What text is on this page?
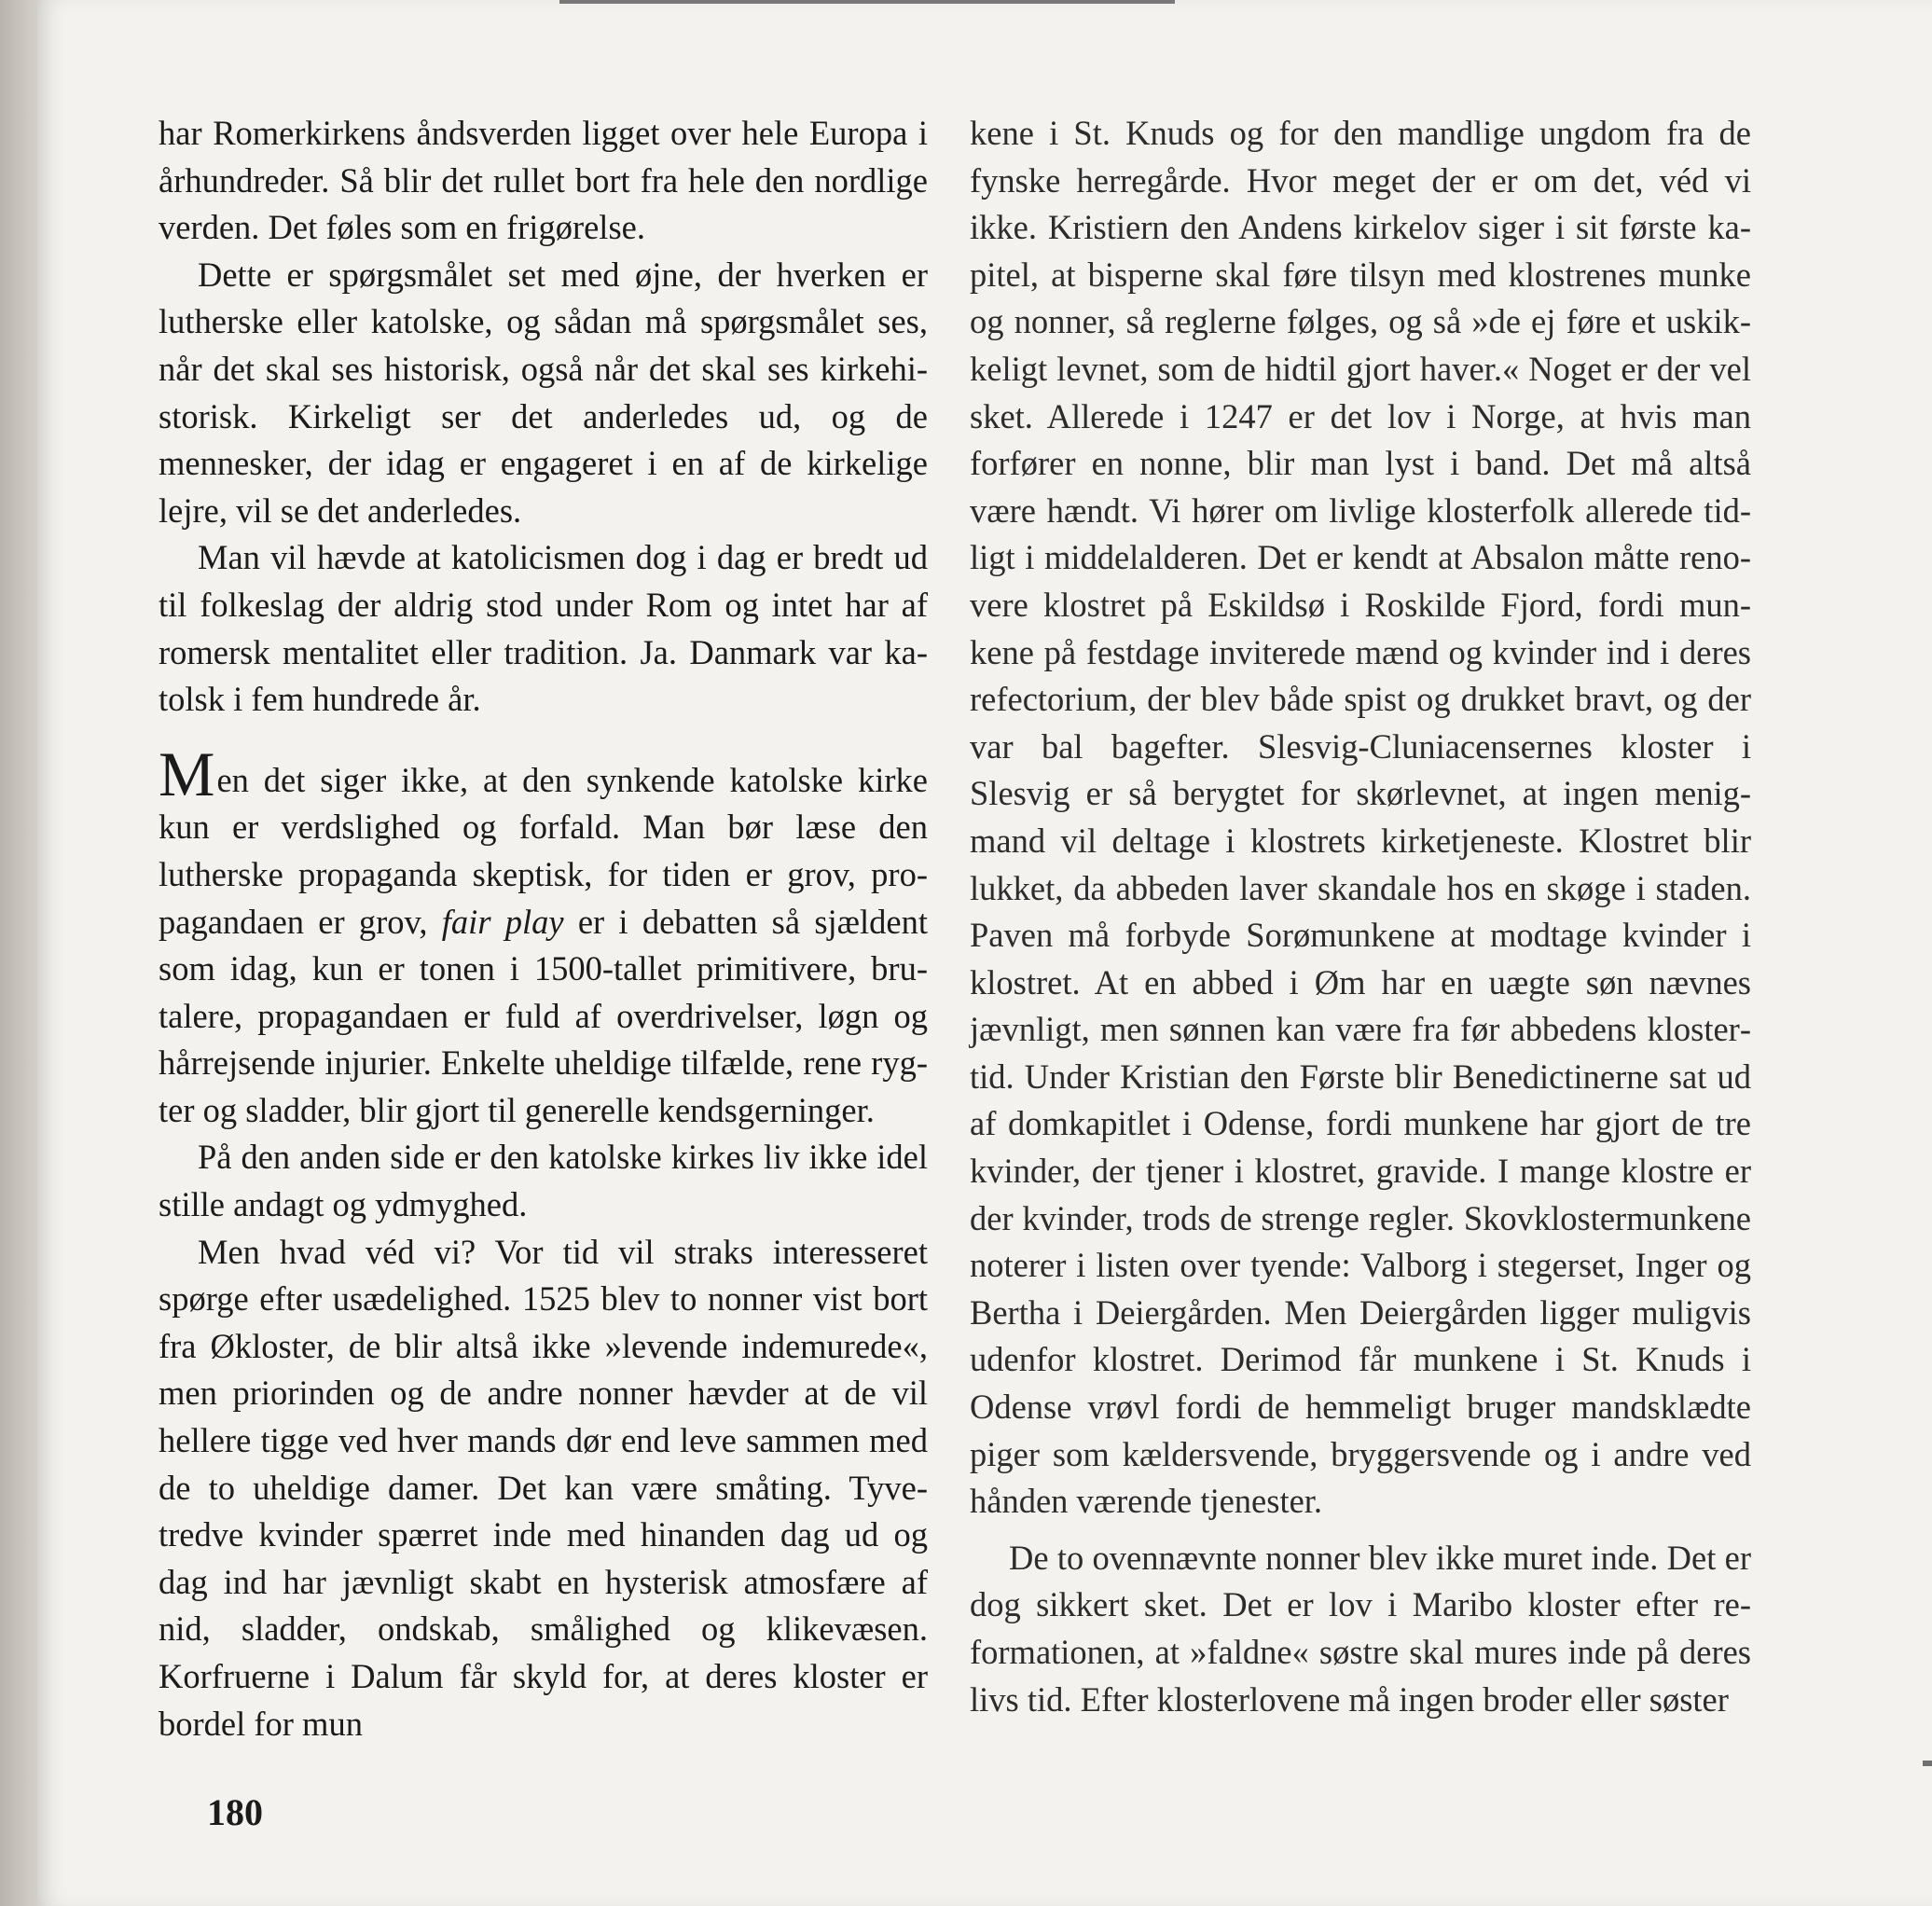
har Romerkirkens åndsverden ligget over hele Europa i århundreder. Så blir det rullet bort fra hele den nordlige verden. Det føles som en frigørelse.

Dette er spørgsmålet set med øjne, der hverken er lutherske eller katolske, og sådan må spørgsmålet ses, når det skal ses historisk, også når det skal ses kirkehistorisk. Kirkeligt ser det anderledes ud, og de mennesker, der idag er engageret i en af de kirkelige lejre, vil se det anderledes.

Man vil hævde at katolicismen dog i dag er bredt ud til folkeslag der aldrig stod under Rom og intet har af romersk mentalitet eller tradition. Ja. Danmark var katolsk i fem hundrede år.

Men det siger ikke, at den synkende katolske kirke kun er verdslighed og forfald. Man bør læse den lutherske propaganda skeptisk, for tiden er grov, propagandaen er grov, fair play er i debatten så sjældent som idag, kun er tonen i 1500-tallet primitivere, brutalere, propagandaen er fuld af overdrivelser, løgn og hårrejsende injurier. Enkelte uheldige tilfælde, rene rygter og sladder, blir gjort til generelle kendsgerninger.

På den anden side er den katolske kirkes liv ikke idel stille andagt og ydmyghed.

Men hvad véd vi? Vor tid vil straks interesseret spørge efter usædelighed. 1525 blev to nonner vist bort fra Økloster, de blir altså ikke »levende indemurede«, men priorinden og de andre nonner hævder at de vil hellere tigge ved hver mands dør end leve sammen med de to uheldige damer. Det kan være småting. Tyve-tredve kvinder spærret inde med hinanden dag ud og dag ind har jævnligt skabt en hysterisk atmosfære af nid, sladder, ondskab, smålighed og klikevæsen. Korfruerne i Dalum får skyld for, at deres kloster er bordel for mun

kene i St. Knuds og for den mandlige ungdom fra de fynske herregårde. Hvor meget der er om det, véd vi ikke. Kristiern den Andens kirkelov siger i sit første kapitel, at bisperne skal føre tilsyn med klostrenes munke og nonner, så reglerne følges, og så »de ej føre et uskikkeligt levnet, som de hidtil gjort haver.« Noget er der vel sket. Allerede i 1247 er det lov i Norge, at hvis man forfører en nonne, blir man lyst i band. Det må altså være hændt. Vi hører om livlige klosterfolk allerede tidligt i middelalderen. Det er kendt at Absalon måtte renovere klostret på Eskildsø i Roskilde Fjord, fordi munkene på festdage inviterede mænd og kvinder ind i deres refectorium, der blev både spist og drukket bravt, og der var bal bagefter. Slesvig-Cluniacensernes kloster i Slesvig er så berygtet for skørlevnet, at ingen menigmand vil deltage i klostrets kirketjeneste. Klostret blir lukket, da abbeden laver skandale hos en skøge i staden. Paven må forbyde Sorømunkene at modtage kvinder i klostret. At en abbed i Øm har en uægte søn nævnes jævnligt, men sønnen kan være fra før abbedens klostertid. Under Kristian den Første blir Benedictinerne sat ud af domkapitlet i Odense, fordi munkene har gjort de tre kvinder, der tjener i klostret, gravide. I mange klostre er der kvinder, trods de strenge regler. Skovklostermunkene noterer i listen over tyende: Valborg i stegerset, Inger og Bertha i Deiergården. Men Deiergården ligger muligvis udenfor klostret. Derimod får munkene i St. Knuds i Odense vrøvl fordi de hemmeligt bruger mandsklædte piger som kældersvende, bryggersvende og i andre ved hånden værende tjenester.

De to ovennævnte nonner blev ikke muret inde. Det er dog sikkert sket. Det er lov i Maribo kloster efter reformationen, at »faldne« søstre skal mures inde på deres livs tid. Efter klosterlovene må ingen broder eller søster

180
